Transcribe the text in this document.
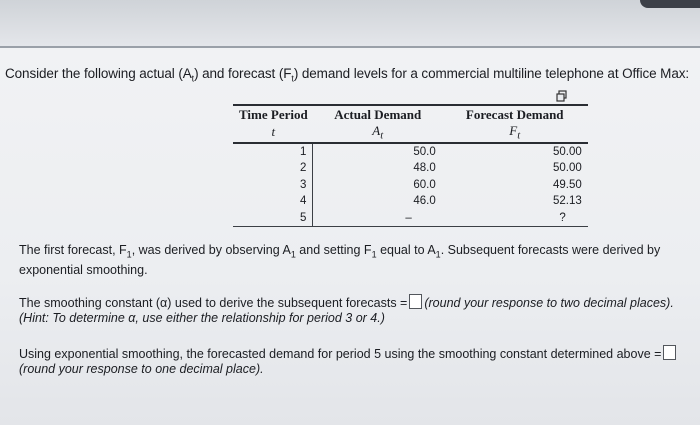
Consider the following actual $(A_t)$ and forecast $(F_t)$ demand levels for a commercial multiline telephone at Office Max:
Time Period	Actual Demand	Forecast Demand
t	$A_t$	$F_t$
1		50.0	50.00
2		48.0	50.00
3		60.0	49.50
4		46.0	52.13
5		–	?
The first forecast, $F_1$, was derived by observing $A_1$ and setting $F_1$ equal to $A_1$. Subsequent forecasts were derived by exponential smoothing.
The smoothing constant (α) used to derive the subsequent forecasts = (round your response to two decimal places). (Hint: To determine α, use either the relationship for period 3 or 4.)
Using exponential smoothing, the forecasted demand for period 5 using the smoothing constant determined above =(round your response to one decimal place).
